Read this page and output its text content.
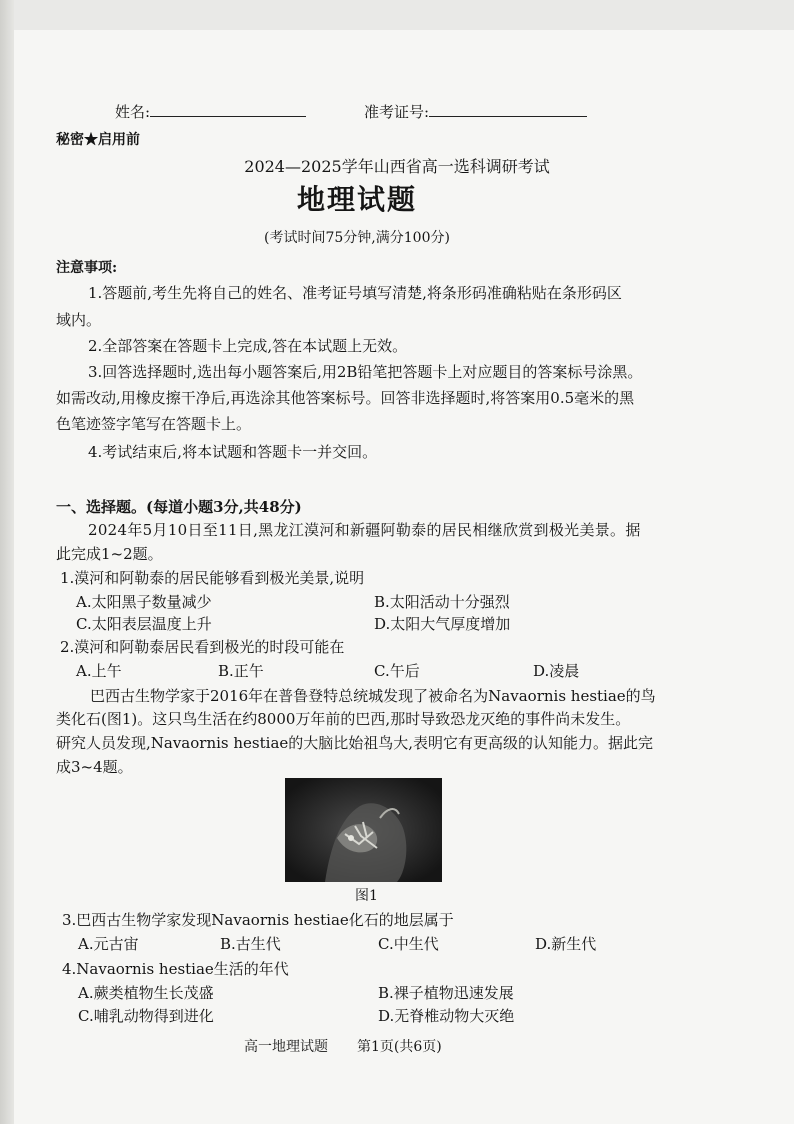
姓名:	准考证号:
秘密★启用前
2024—2025学年山西省高一选科调研考试
地理试题
(考试时间75分钟,满分100分)
注意事项:
1.答题前,考生先将自己的姓名、准考证号填写清楚,将条形码准确粘贴在条形码区
域内。
2.全部答案在答题卡上完成,答在本试题上无效。
3.回答选择题时,选出每小题答案后,用2B铅笔把答题卡上对应题目的答案标号涂黑。
如需改动,用橡皮擦干净后,再选涂其他答案标号。回答非选择题时,将答案用0.5毫米的黑
色笔迹签字笔写在答题卡上。
4.考试结束后,将本试题和答题卡一并交回。
一、选择题。(每道小题3分,共48分)
2024年5月10日至11日,黑龙江漠河和新疆阿勒泰的居民相继欣赏到极光美景。据
此完成1~2题。
1.漠河和阿勒泰的居民能够看到极光美景,说明
A.太阳黑子数量减少	B.太阳活动十分强烈
C.太阳表层温度上升	D.太阳大气厚度增加
2.漠河和阿勒泰居民看到极光的时段可能在
A.上午	B.正午	C.午后	D.凌晨
巴西古生物学家于2016年在普鲁登特总统城发现了被命名为Navaornis hestiae的鸟
类化石(图1)。这只鸟生活在约8000万年前的巴西,那时导致恐龙灭绝的事件尚未发生。
研究人员发现,Navaornis hestiae的大脑比始祖鸟大,表明它有更高级的认知能力。据此完
成3~4题。
图1
3.巴西古生物学家发现Navaornis hestiae化石的地层属于
A.元古宙	B.古生代	C.中生代	D.新生代
4.Navaornis hestiae生活的年代
A.蕨类植物生长茂盛	B.裸子植物迅速发展
C.哺乳动物得到进化	D.无脊椎动物大灭绝
高一地理试题 第1页(共6页)
